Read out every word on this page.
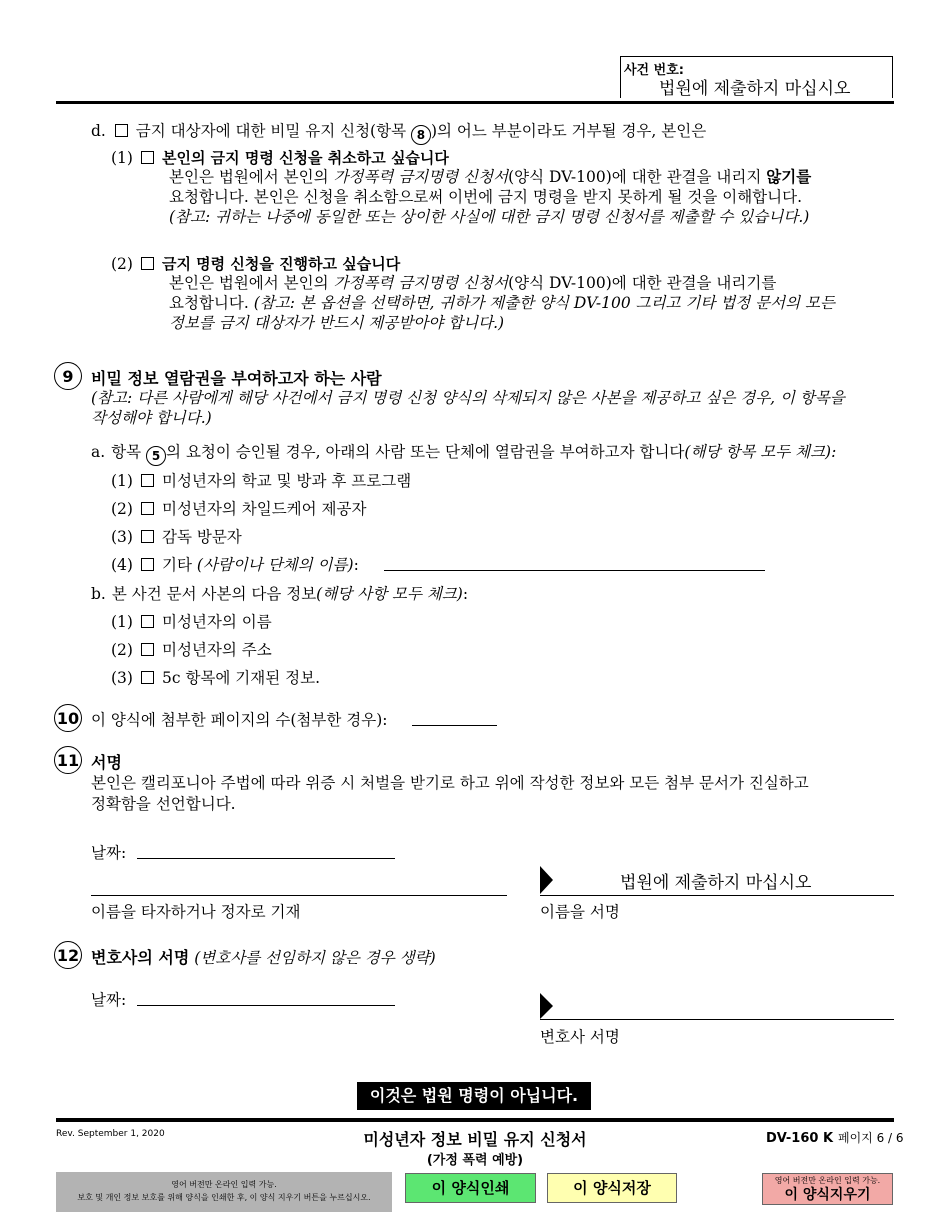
사건 번호:
법원에 제출하지 마십시오
d. 금지 대상자에 대한 비밀 유지 신청(항목 8 )의 어느 부분이라도 거부될 경우, 본인은
(1) 본인의 금지 명령 신청을 취소하고 싶습니다
본인은 법원에서 본인의 가정폭력 금지명령 신청서(양식 DV-100)에 대한 관결을 내리지 않기를
요청합니다. 본인은 신청을 취소함으로써 이번에 금지 명령을 받지 못하게 될 것을 이해합니다.
(참고: 귀하는 나중에 동일한 또는 상이한 사실에 대한 금지 명령 신청서를 제출할 수 있습니다.)
(2) 금지 명령 신청을 진행하고 싶습니다
본인은 법원에서 본인의 가정폭력 금지명령 신청서(양식 DV-100)에 대한 관결을 내리기를
요청합니다. (참고: 본 옵션을 선택하면, 귀하가 제출한 양식 DV-100 그리고 기타 법정 문서의 모든
정보를 금지 대상자가 반드시 제공받아야 합니다.)
9	비밀 정보 열람권을 부여하고자 하는 사람
(참고: 다른 사람에게 해당 사건에서 금지 명령 신청 양식의 삭제되지 않은 사본을 제공하고 싶은 경우, 이 항목을
작성해야 합니다.)
a. 항목 5 의 요청이 승인될 경우, 아래의 사람 또는 단체에 열람권을 부여하고자 합니다(해당 항목 모두 체크):
(1) 미성년자의 학교 및 방과 후 프로그램
(2) 미성년자의 차일드케어 제공자
(3) 감독 방문자
(4) 기타 (사람이나 단체의 이름):
b. 본 사건 문서 사본의 다음 정보(해당 사항 모두 체크):
(1) 미성년자의 이름
(2) 미성년자의 주소
(3) 5c 항목에 기재된 정보.
10 이 양식에 첨부한 페이지의 수(첨부한 경우):
11 서명
본인은 캘리포니아 주법에 따라 위증 시 처벌을 받기로 하고 위에 작성한 정보와 모든 첨부 문서가 진실하고
정확함을 선언합니다.
날짜:
이름을 타자하거나 정자로 기재
법원에 제출하지 마십시오
이름을 서명
12 변호사의 서명 (변호사를 선임하지 않은 경우 생략)
날짜:
변호사 서명
이것은 법원 명령이 아닙니다.
Rev. September 1, 2020	미성년자 정보 비밀 유지 신청서
(가정 폭력 예방)
DV-160 K 페이지 6 / 6
영어 버전만 온라인 입력 가능.
보호 및 개인 정보 보호를 위해 양식을 인쇄한 후, 이 양식 지우기 버튼을 누르십시오.
이 양식인쇄	이 양식저장	영어 버전만 온라인 입력 가능.
이 양식지우기
